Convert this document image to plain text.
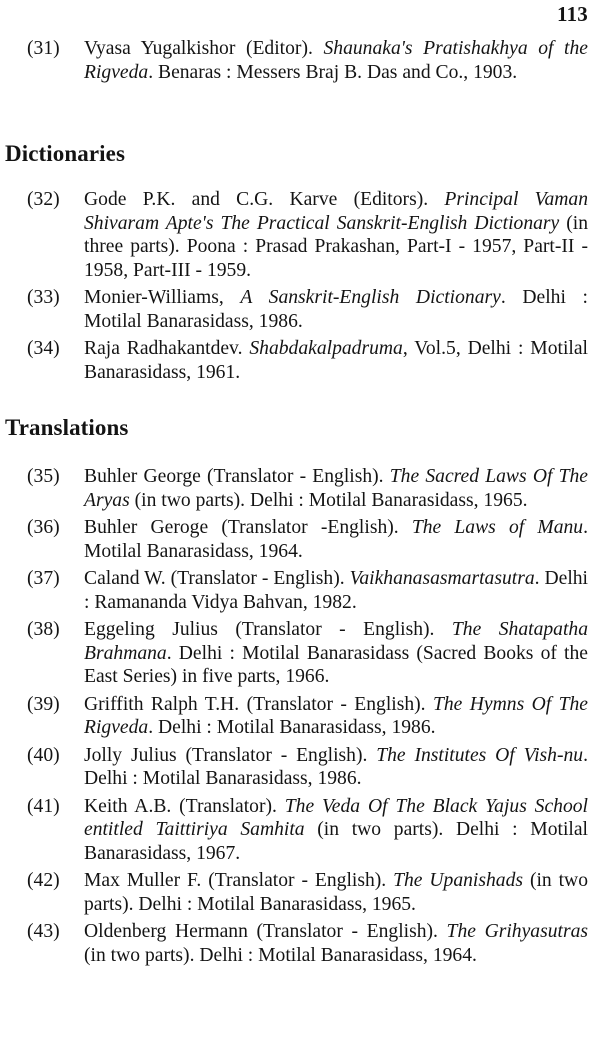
113
(31)	Vyasa Yugalkishor (Editor). Shaunaka's Pratishakhya of the Rigveda. Benaras : Messers Braj B. Das and Co., 1903.
Dictionaries
(32)	Gode P.K. and C.G. Karve (Editors). Principal Vaman Shivaram Apte's The Practical Sanskrit-English Dictionary (in three parts). Poona : Prasad Prakashan, Part-I - 1957, Part-II - 1958, Part-III - 1959.
(33)	Monier-Williams, A Sanskrit-English Dictionary. Delhi : Motilal Banarasidass, 1986.
(34)	Raja Radhakantdev. Shabdakalpadruma, Vol.5, Delhi : Motilal Banarasidass, 1961.
Translations
(35)	Buhler George (Translator - English). The Sacred Laws Of The Aryas (in two parts). Delhi : Motilal Banarasidass, 1965.
(36)	Buhler Geroge (Translator -English). The Laws of Manu. Motilal Banarasidass, 1964.
(37)	Caland W. (Translator - English). Vaikhanasasmartasutra. Delhi : Ramananda Vidya Bahvan, 1982.
(38)	Eggeling Julius (Translator - English). The Shatapatha Brahmana. Delhi : Motilal Banarasidass (Sacred Books of the East Series) in five parts, 1966.
(39)	Griffith Ralph T.H. (Translator - English). The Hymns Of The Rigveda. Delhi : Motilal Banarasidass, 1986.
(40)	Jolly Julius (Translator - English). The Institutes Of Vish-nu. Delhi : Motilal Banarasidass, 1986.
(41)	Keith A.B. (Translator). The Veda Of The Black Yajus School entitled Taittiriya Samhita (in two parts). Delhi : Motilal Banarasidass, 1967.
(42)	Max Muller F. (Translator - English). The Upanishads (in two parts). Delhi : Motilal Banarasidass, 1965.
(43)	Oldenberg Hermann (Translator - English). The Grihyasutras (in two parts). Delhi : Motilal Banarasidass, 1964.
